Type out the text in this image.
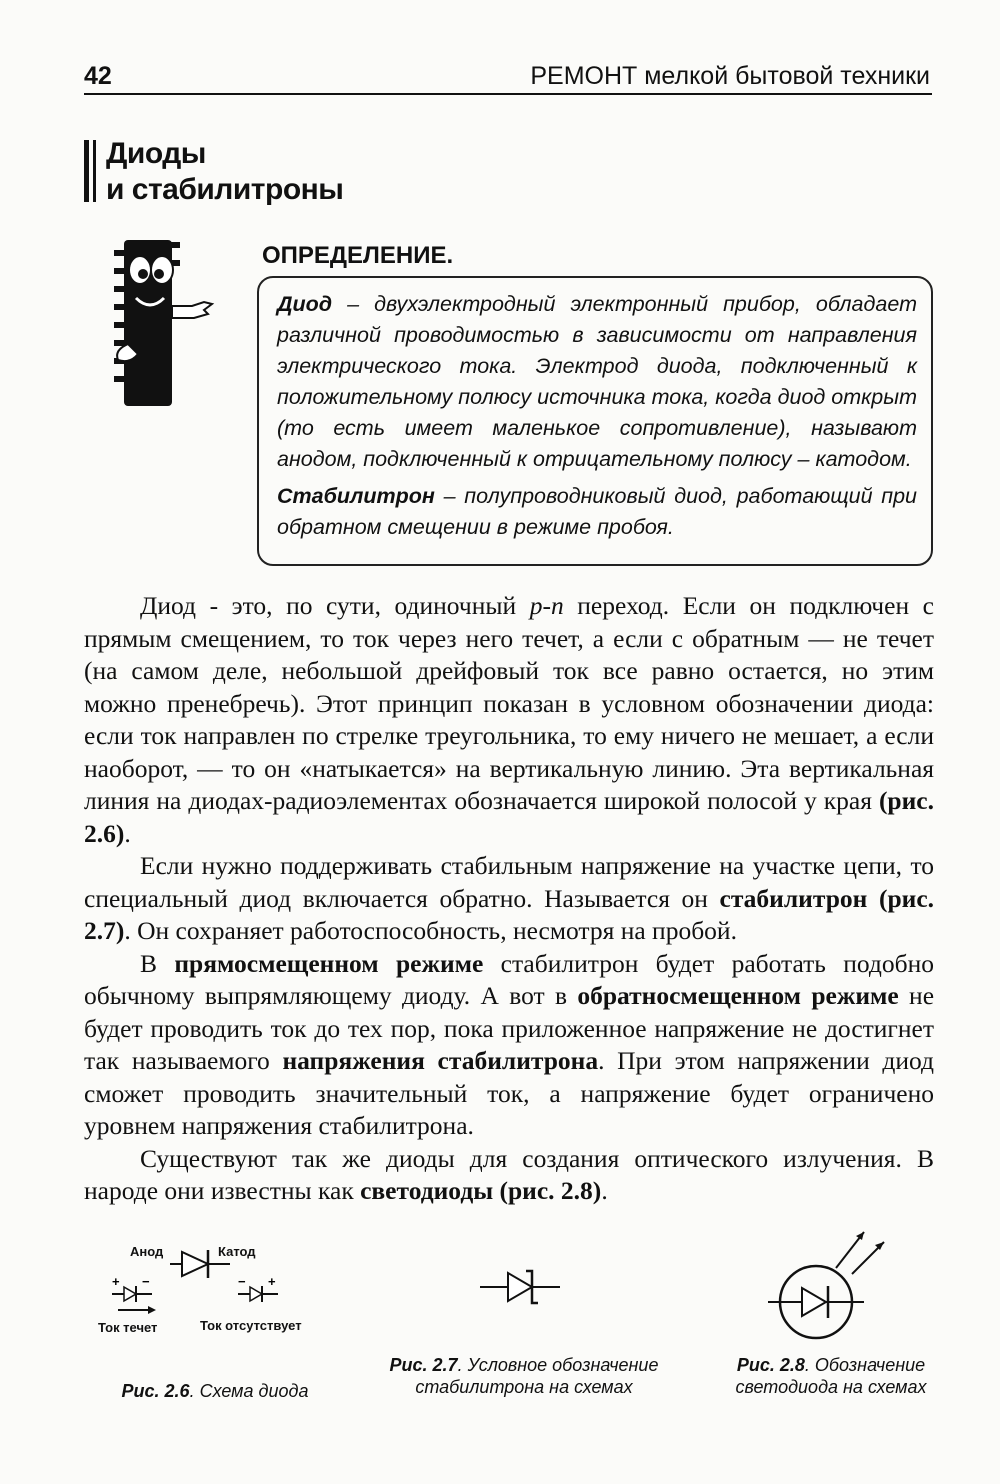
42	РЕМОНТ мелкой бытовой техники
Диоды
и стабилитроны
ОПРЕДЕЛЕНИЕ.

Диод – двухэлектродный электронный прибор, обладает различной проводимостью в зависимости от направления электрического тока. Электрод диода, подключенный к положительному полюсу источника тока, когда диод открыт (то есть имеет маленькое сопротивление), называют анодом, подключенный к отрицательному полюсу – катодом.

Стабилитрон – полупроводниковый диод, работающий при обратном смещении в режиме пробоя.

Диод - это, по сути, одиночный p-n переход. Если он подключен с прямым смещением, то ток через него течет, а если с обратным — не течет (на самом деле, небольшой дрейфовый ток все равно остается, но этим можно пренебречь). Этот принцип показан в условном обозначении диода: если ток направлен по стрелке треугольника, то ему ничего не мешает, а если наоборот, — то он «натыкается» на вертикальную линию. Эта вертикальная линия на диодах-радиоэлементах обозначается широкой полосой у края (рис. 2.6).

Если нужно поддерживать стабильным напряжение на участке цепи, то специальный диод включается обратно. Называется он стабилитрон (рис. 2.7). Он сохраняет работоспособность, несмотря на пробой.

В прямосмещенном режиме стабилитрон будет работать подобно обычному выпрямляющему диоду. А вот в обратносмещенном режиме не будет проводить ток до тех пор, пока приложенное напряжение не достигнет так называемого напряжения стабилитрона. При этом напряжении диод сможет проводить значительный ток, а напряжение будет ограничено уровнем напряжения стабилитрона.

Существуют так же диоды для создания оптического излучения. В народе они известны как светодиоды (рис. 2.8).

Анод	Катод
+ −	− +
Ток течет	Ток отсутствует
Рис. 2.6. Схема диода
Рис. 2.7. Условное обозначение стабилитрона на схемах
Рис. 2.8. Обозначение светодиода на схемах
